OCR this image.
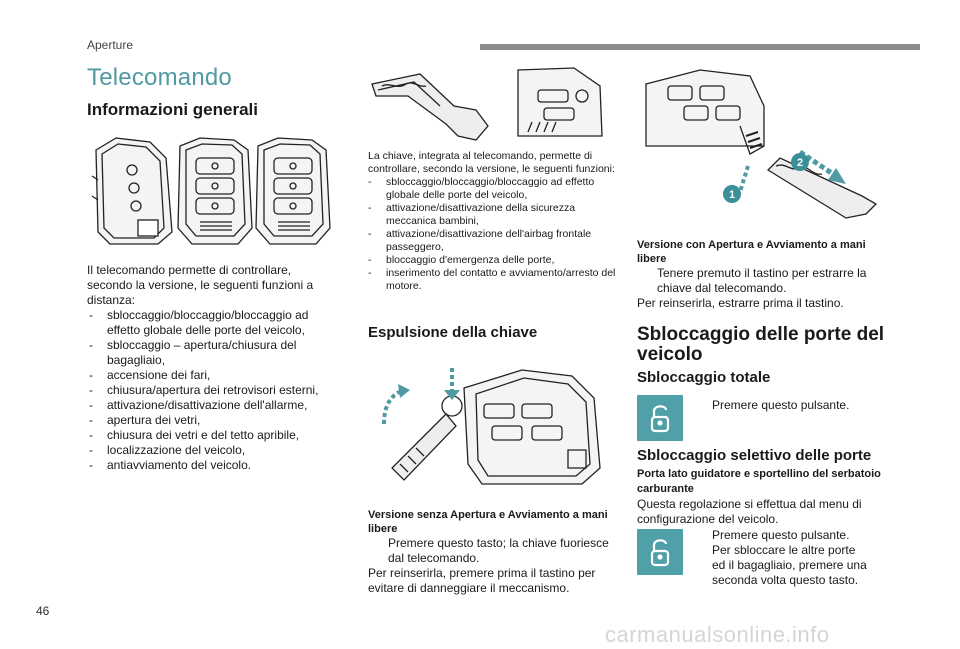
Aperture
Telecomando
Informazioni generali
Il telecomando permette di controllare, secondo la versione, le seguenti funzioni a distanza:
- sbloccaggio/bloccaggio/bloccaggio ad effetto globale delle porte del veicolo,
- sbloccaggio – apertura/chiusura del bagagliaio,
- accensione dei fari,
- chiusura/apertura dei retrovisori esterni,
- attivazione/disattivazione dell'allarme,
- apertura dei vetri,
- chiusura dei vetri e del tetto apribile,
- localizzazione del veicolo,
- antiavviamento del veicolo.
La chiave, integrata al telecomando, permette di controllare, secondo la versione, le seguenti funzioni:
- sbloccaggio/bloccaggio/bloccaggio ad effetto globale delle porte del veicolo,
- attivazione/disattivazione della sicurezza meccanica bambini,
- attivazione/disattivazione dell'airbag frontale passeggero,
- bloccaggio d'emergenza delle porte,
- inserimento del contatto e avviamento/arresto del motore.
Espulsione della chiave
Versione senza Apertura e Avviamento a mani libere
Premere questo tasto; la chiave fuoriesce dal telecomando.
Per reinserirla, premere prima il tastino per evitare di danneggiare il meccanismo.
1
2
Versione con Apertura e Avviamento a mani libere
Tenere premuto il tastino per estrarre la chiave dal telecomando.
Per reinserirla, estrarre prima il tastino.
Sbloccaggio delle porte del veicolo
Sbloccaggio totale
Premere questo pulsante.
Sbloccaggio selettivo delle porte
Porta lato guidatore e sportellino del serbatoio carburante
Questa regolazione si effettua dal menu di configurazione del veicolo.
Premere questo pulsante.
Per sbloccare le altre porte ed il bagagliaio, premere una seconda volta questo tasto.
46
carmanualsonline.info
